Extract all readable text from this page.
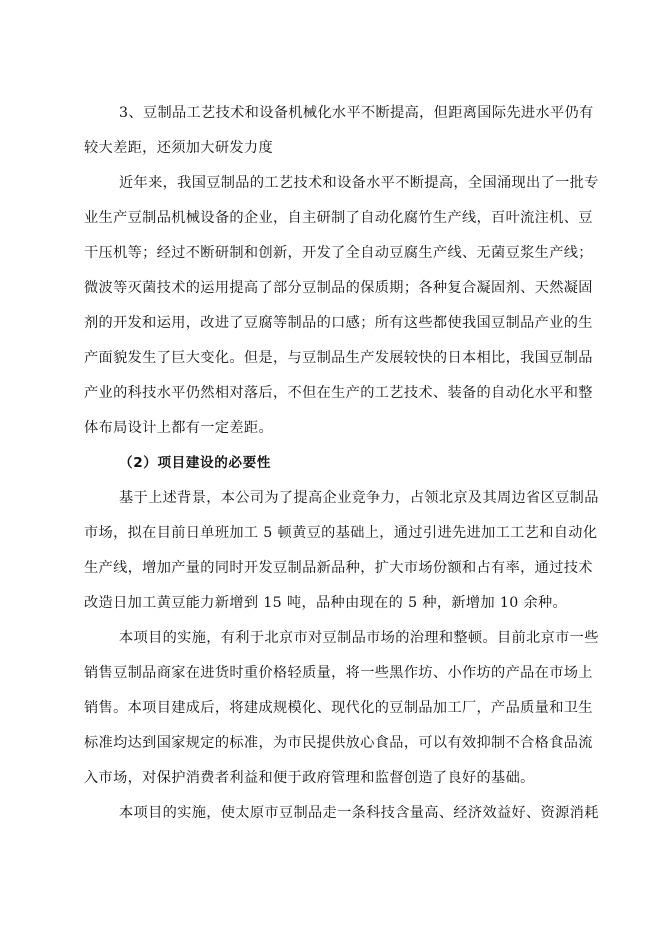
3、豆制品工艺技术和设备机械化水平不断提高，但距离国际先进水平仍有
较大差距，还须加大研发力度
近年来，我国豆制品的工艺技术和设备水平不断提高，全国涌现出了一批专
业生产豆制品机械设备的企业，自主研制了自动化腐竹生产线，百叶流注机、豆
干压机等；经过不断研制和创新，开发了全自动豆腐生产线、无菌豆浆生产线；
微波等灭菌技术的运用提高了部分豆制品的保质期；各种复合凝固剂、天然凝固
剂的开发和运用，改进了豆腐等制品的口感；所有这些都使我国豆制品产业的生
产面貌发生了巨大变化。但是，与豆制品生产发展较快的日本相比，我国豆制品
产业的科技水平仍然相对落后，不但在生产的工艺技术、装备的自动化水平和整
体布局设计上都有一定差距。
（2）项目建设的必要性
基于上述背景，本公司为了提高企业竞争力，占领北京及其周边省区豆制品
市场，拟在目前日单班加工 5 顿黄豆的基础上，通过引进先进加工工艺和自动化
生产线，增加产量的同时开发豆制品新品种，扩大市场份额和占有率，通过技术
改造日加工黄豆能力新增到 15 吨，品种由现在的 5 种，新增加 10 余种。
本项目的实施，有利于北京市对豆制品市场的治理和整顿。目前北京市一些
销售豆制品商家在进货时重价格轻质量，将一些黑作坊、小作坊的产品在市场上
销售。本项目建成后，将建成规模化、现代化的豆制品加工厂，产品质量和卫生
标准均达到国家规定的标准，为市民提供放心食品，可以有效抑制不合格食品流
入市场，对保护消费者利益和便于政府管理和监督创造了良好的基础。
本项目的实施，使太原市豆制品走一条科技含量高、经济效益好、资源消耗
